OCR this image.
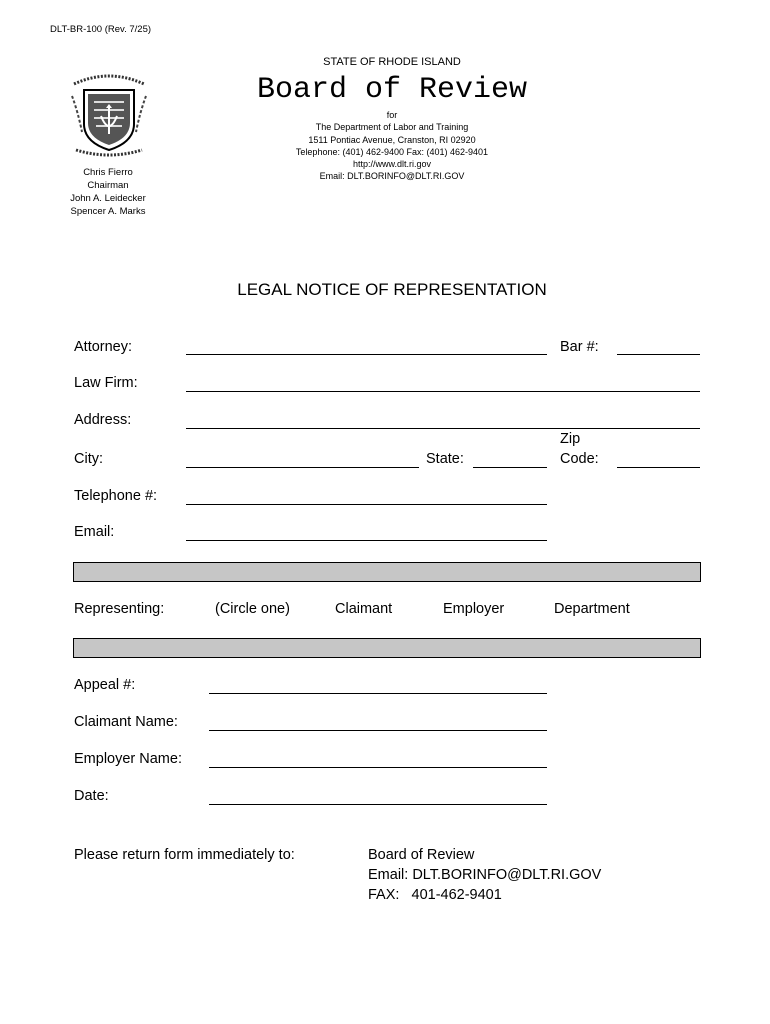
DLT-BR-100 (Rev. 7/25)
Chris Fierro
Chairman
John A. Leidecker
Spencer A. Marks
STATE OF RHODE ISLAND
Board of Review
for
The Department of Labor and Training
1511 Pontiac Avenue, Cranston, RI 02920
Telephone: (401) 462-9400 Fax: (401) 462-9401
http://www.dlt.ri.gov
Email: DLT.BORINFO@DLT.RI.GOV
LEGAL NOTICE OF REPRESENTATION
Attorney:	Bar #:
Law Firm:
Address:
City:	State:
Zip
Code:
Telephone #:
Email:
Representing:	(Circle one)	Claimant	Employer	Department
Appeal #:
Claimant Name:
Employer Name:
Date:
Please return form immediately to:	Board of Review
Email: DLT.BORINFO@DLT.RI.GOV
FAX:   401-462-9401
